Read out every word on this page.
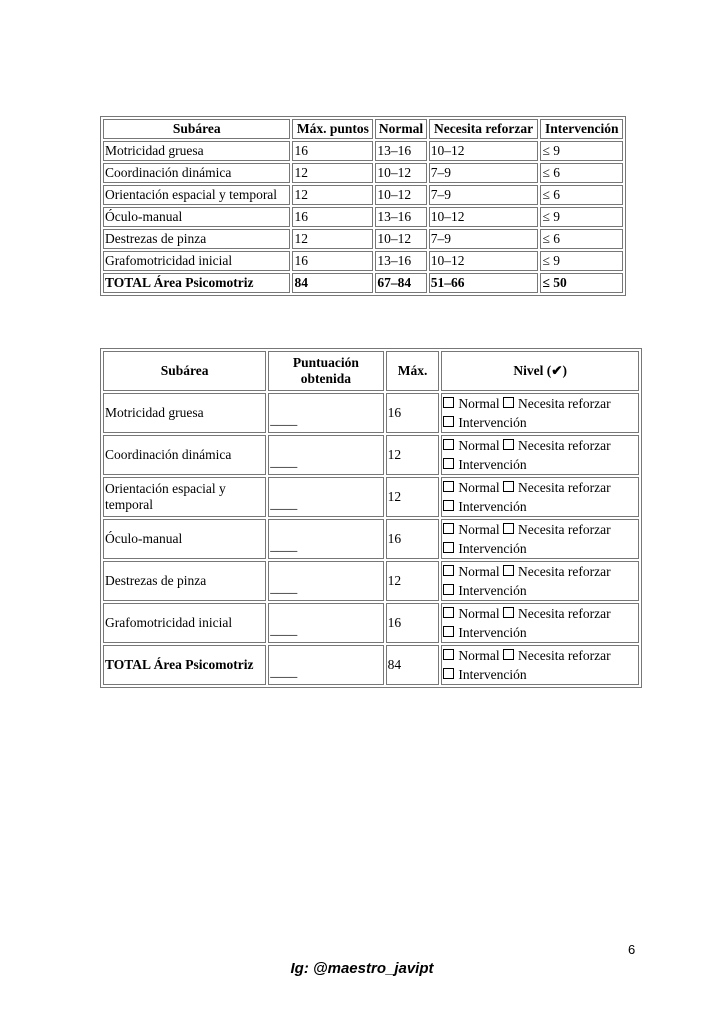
Subárea	Máx. puntos	Normal	Necesita reforzar	Intervención
Motricidad gruesa	16	13–16	10–12	≤ 9
Coordinación dinámica	12	10–12	7–9	≤ 6
Orientación espacial y temporal	12	10–12	7–9	≤ 6
Óculo-manual	16	13–16	10–12	≤ 9
Destrezas de pinza	12	10–12	7–9	≤ 6
Grafomotricidad inicial	16	13–16	10–12	≤ 9
TOTAL Área Psicomotriz	84	67–84	51–66	≤ 50
Subárea	Puntuación obtenida	Máx.	Nivel (✔)
Motricidad gruesa	____	16	Normal Necesita reforzar
Intervención

Coordinación dinámica	____	12	Normal Necesita reforzar
Intervención

Orientación espacial y temporal	____	12	Normal Necesita reforzar
Intervención

Óculo-manual	____	16	Normal Necesita reforzar
Intervención

Destrezas de pinza	____	12	Normal Necesita reforzar
Intervención

Grafomotricidad inicial	____	16	Normal Necesita reforzar
Intervención

TOTAL Área Psicomotriz	____	84	Normal Necesita reforzar
Intervención
6
Ig: @maestro_javipt
